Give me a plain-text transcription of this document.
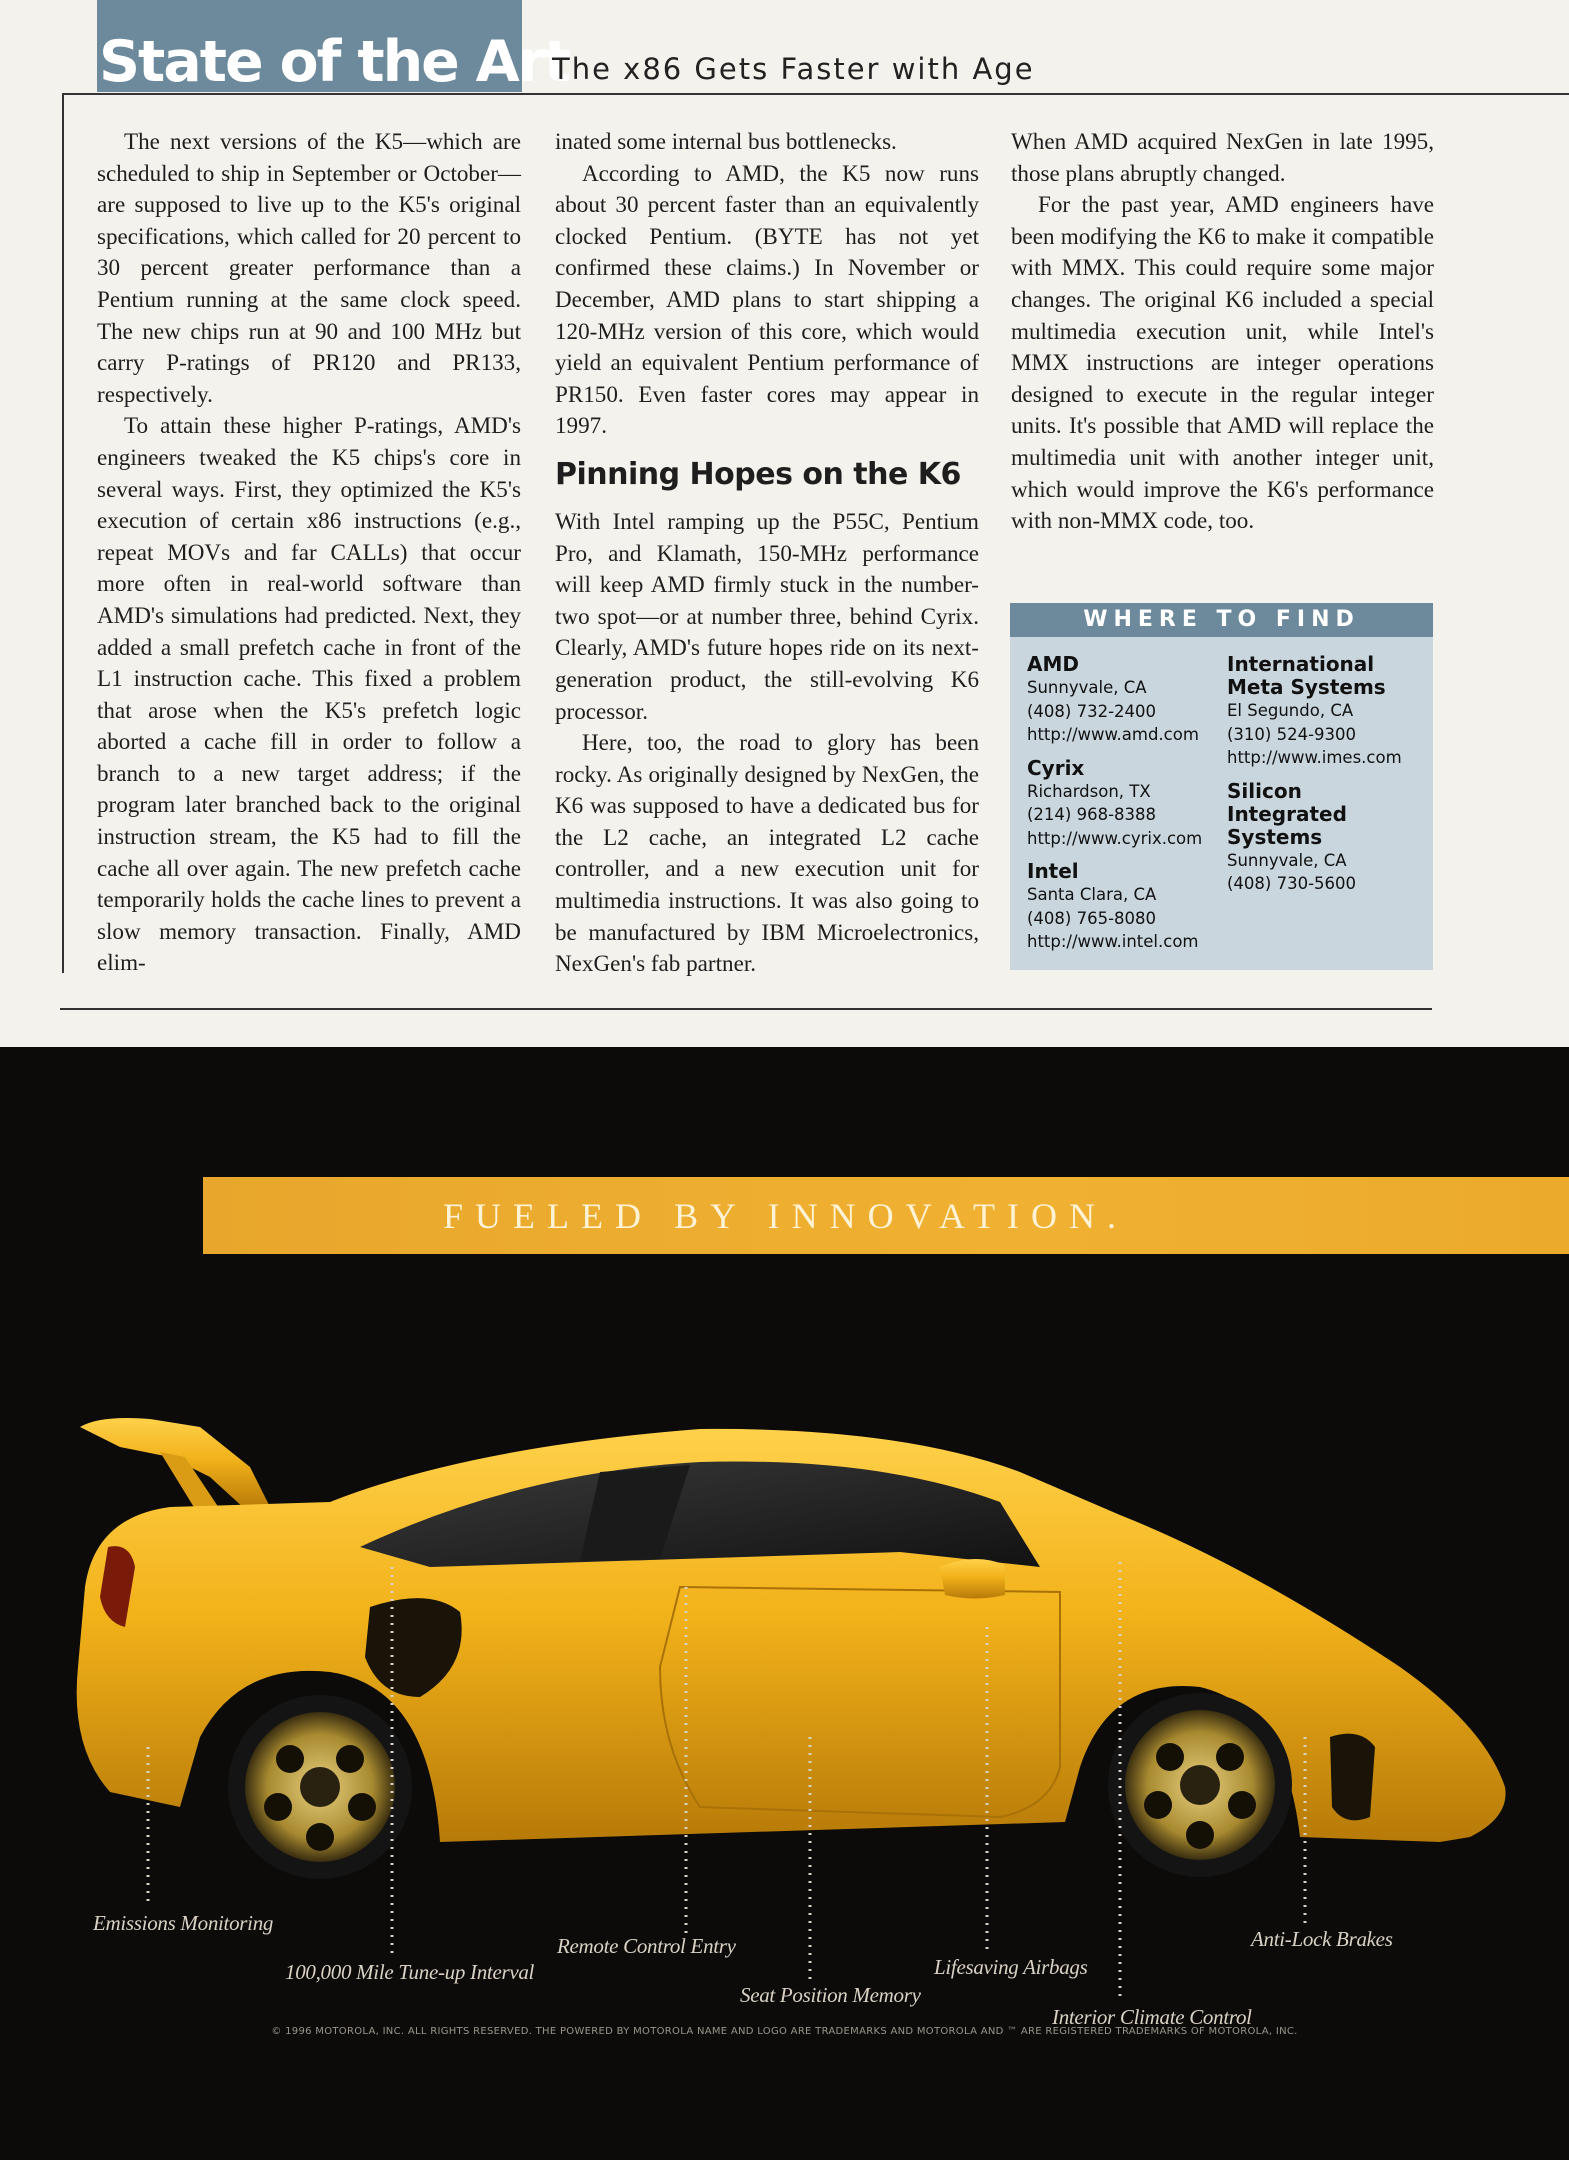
State of the Art
The x86 Gets Faster with Age

The next versions of the K5—which are scheduled to ship in September or October—are supposed to live up to the K5's original specifications, which called for 20 percent to 30 percent greater performance than a Pentium running at the same clock speed. The new chips run at 90 and 100 MHz but carry P-ratings of PR120 and PR133, respectively.

To attain these higher P-ratings, AMD's engineers tweaked the K5 chips's core in several ways. First, they optimized the K5's execution of certain x86 instructions (e.g., repeat MOVs and far CALLs) that occur more often in real-world software than AMD's simulations had predicted. Next, they added a small prefetch cache in front of the L1 instruction cache. This fixed a problem that arose when the K5's prefetch logic aborted a cache fill in order to follow a branch to a new target address; if the program later branched back to the original instruction stream, the K5 had to fill the cache all over again. The new prefetch cache temporarily holds the cache lines to prevent a slow memory transaction. Finally, AMD elim-

inated some internal bus bottlenecks.

According to AMD, the K5 now runs about 30 percent faster than an equivalently clocked Pentium. (BYTE has not yet confirmed these claims.) In November or December, AMD plans to start shipping a 120-MHz version of this core, which would yield an equivalent Pentium performance of PR150. Even faster cores may appear in 1997.

Pinning Hopes on the K6

With Intel ramping up the P55C, Pentium Pro, and Klamath, 150-MHz performance will keep AMD firmly stuck in the number-two spot—or at number three, behind Cyrix. Clearly, AMD's future hopes ride on its next-generation product, the still-evolving K6 processor.

Here, too, the road to glory has been rocky. As originally designed by NexGen, the K6 was supposed to have a dedicated bus for the L2 cache, an integrated L2 cache controller, and a new execution unit for multimedia instructions. It was also going to be manufactured by IBM Microelectronics, NexGen's fab partner.

When AMD acquired NexGen in late 1995, those plans abruptly changed.

For the past year, AMD engineers have been modifying the K6 to make it compatible with MMX. This could require some major changes. The original K6 included a special multimedia execution unit, while Intel's MMX instructions are integer operations designed to execute in the regular integer units. It's possible that AMD will replace the multimedia unit with another integer unit, which would improve the K6's performance with non-MMX code, too.

WHERE TO FIND
AMD
Sunnyvale, CA
(408) 732-2400
http://www.amd.com
Cyrix
Richardson, TX
(214) 968-8388
http://www.cyrix.com
Intel
Santa Clara, CA
(408) 765-8080
http://www.intel.com
International Meta Systems
El Segundo, CA
(310) 524-9300
http://www.imes.com
Silicon Integrated Systems
Sunnyvale, CA
(408) 730-5600
FUELED BY INNOVATION.
Emissions Monitoring
100,000 Mile Tune-up Interval
Remote Control Entry
Seat Position Memory
Lifesaving Airbags
Interior Climate Control
Anti-Lock Brakes
© 1996 MOTOROLA, INC. ALL RIGHTS RESERVED. THE POWERED BY MOTOROLA NAME AND LOGO ARE TRADEMARKS AND MOTOROLA AND ™ ARE REGISTERED TRADEMARKS OF MOTOROLA, INC.
